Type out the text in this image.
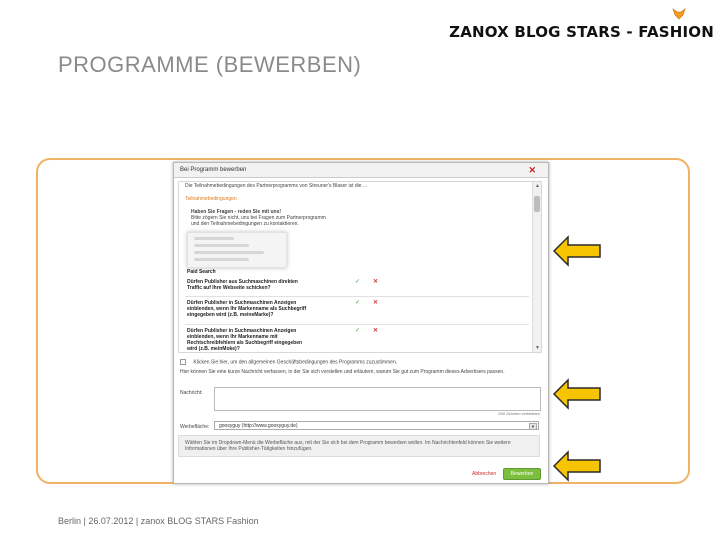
ZANOX BLOG STARS - FASHION
PROGRAMME (BEWERBEN)
Bei Programm bewerben	✕
Die Teilnahmebedingungen des Partnerprogramms von Streuner's Blaser ist die ...
Teilnahmebedingungen
Haben Sie Fragen - reden Sie mit uns!
Bitte zögern Sie nicht, uns bei Fragen zum Partnerprogramm
und den Teilnahmebedingungen zu kontaktieren.
Paid Search
Dürfen Publisher aus Suchmaschinen direkten
Traffic auf Ihre Webseite schicken?
✓ ✕
Dürfen Publisher in Suchmaschinen Anzeigen
einblenden, wenn Ihr Markenname als Suchbegriff
eingegeben wird (z.B. meineMarke)?
✓ ✕
Dürfen Publisher in Suchmaschinen Anzeigen
einblenden, wenn Ihr Markenname mit
Rechtschreibfehlern als Suchbegriff eingegeben
wird (z.B. meinMoke)?
✓ ✕
▲
▼
Klicken Sie hier, um den allgemeinen Geschäftsbedingungen des Programms zuzustimmen.
Hier können Sie eine kurze Nachricht verfassen, in der Sie sich vorstellen und erläutern, warum Sie gut zum Programm dieses Advertisers passen.
Nachricht:
500 Zeichen verbleiben
Werbefläche:	goosyguy (http://www.goosyguy.de)	▼
Wählen Sie im Dropdown-Menü die Werbefläche aus, mit der Sie sich bei dem Programm bewerben wollen. Im Nachrichtenfeld können Sie weitere Informationen über Ihre Publisher-Tätigkeiten hinzufügen.
Abbrechen	Bewerben
Berlin | 26.07.2012 | zanox BLOG STARS Fashion
